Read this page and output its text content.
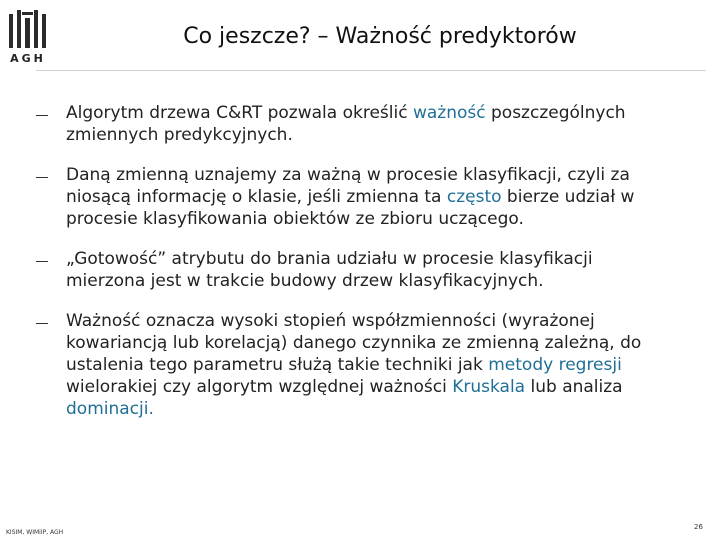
AGH
Co jeszcze? – Ważność predyktorów
Algorytm drzewa C&RT pozwala określić ważność poszczególnych zmiennych predykcyjnych.
Daną zmienną uznajemy za ważną w procesie klasyfikacji, czyli za niosącą informację o klasie, jeśli zmienna ta często bierze udział w procesie klasyfikowania obiektów ze zbioru uczącego.
„Gotowość” atrybutu do brania udziału w procesie klasyfikacji mierzona jest w trakcie budowy drzew klasyfikacyjnych.
Ważność oznacza wysoki stopień współzmienności (wyrażonej kowariancją lub korelacją) danego czynnika ze zmienną zależną, do ustalenia tego parametru służą takie techniki jak metody regresji wielorakiej czy algorytm względnej ważności Kruskala lub analiza dominacji.
KISIM, WIMiIP, AGH
26
